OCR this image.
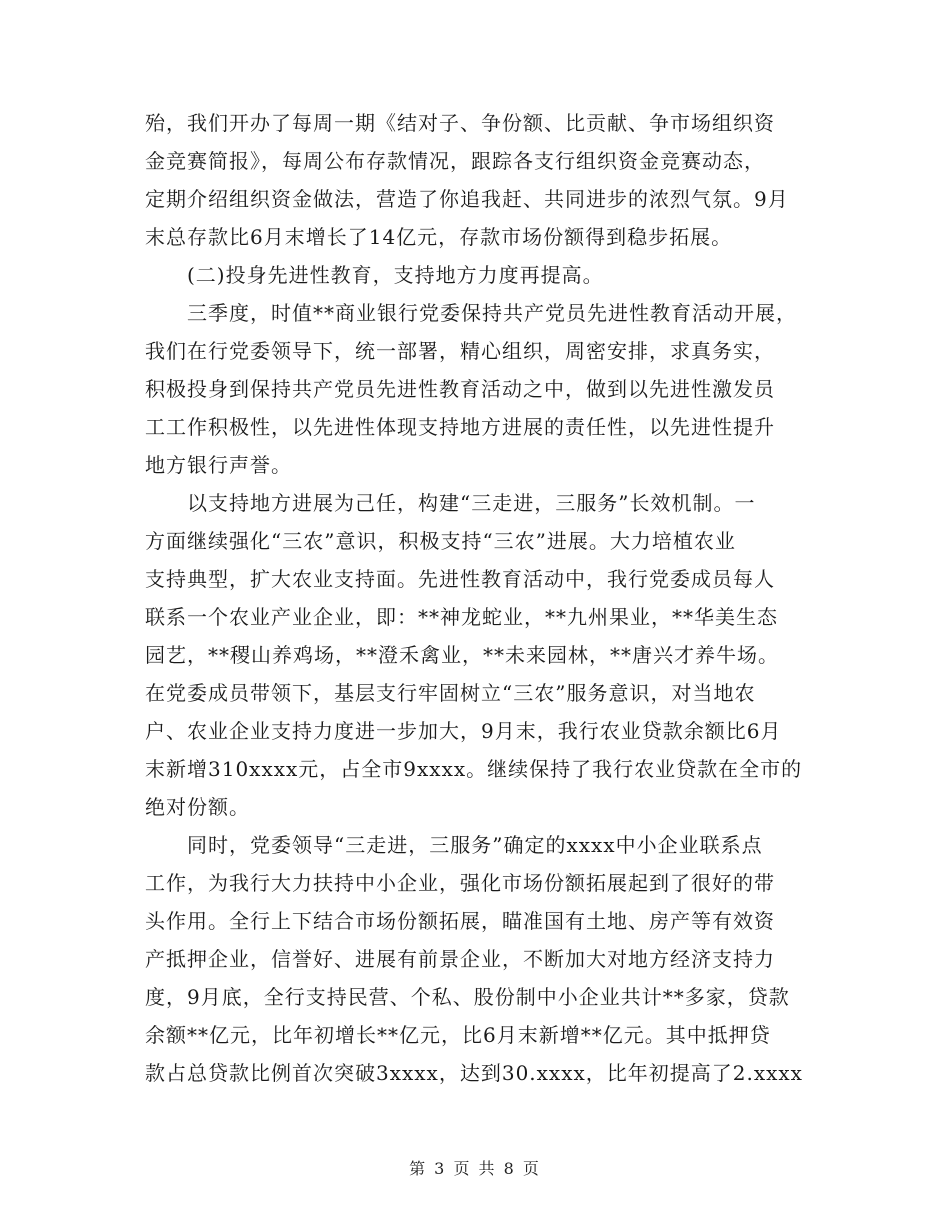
殆，我们开办了每周一期《结对子、争份额、比贡献、争市场组织资
金竞赛简报》，每周公布存款情况，跟踪各支行组织资金竞赛动态，
定期介绍组织资金做法，营造了你追我赶、共同进步的浓烈气氛。9月
末总存款比6月末增长了14亿元，存款市场份额得到稳步拓展。
(二)投身先进性教育，支持地方力度再提高。
三季度，时值**商业银行党委保持共产党员先进性教育活动开展，
我们在行党委领导下，统一部署，精心组织，周密安排，求真务实，
积极投身到保持共产党员先进性教育活动之中，做到以先进性激发员
工工作积极性，以先进性体现支持地方进展的责任性，以先进性提升
地方银行声誉。
以支持地方进展为己任，构建“三走进，三服务”长效机制。一
方面继续强化“三农”意识，积极支持“三农”进展。大力培植农业
支持典型，扩大农业支持面。先进性教育活动中，我行党委成员每人
联系一个农业产业企业，即：**神龙蛇业，**九州果业，**华美生态
园艺，**稷山养鸡场，**澄禾禽业，**未来园林，**唐兴才养牛场。
在党委成员带领下，基层支行牢固树立“三农”服务意识，对当地农
户、农业企业支持力度进一步加大，9月末，我行农业贷款余额比6月
末新增310xxxx元，占全市9xxxx。继续保持了我行农业贷款在全市的
绝对份额。
同时，党委领导“三走进，三服务”确定的xxxx中小企业联系点
工作，为我行大力扶持中小企业，强化市场份额拓展起到了很好的带
头作用。全行上下结合市场份额拓展，瞄准国有土地、房产等有效资
产抵押企业，信誉好、进展有前景企业，不断加大对地方经济支持力
度，9月底，全行支持民营、个私、股份制中小企业共计**多家，贷款
余额**亿元，比年初增长**亿元，比6月末新增**亿元。其中抵押贷
款占总贷款比例首次突破3xxxx，达到30.xxxx，比年初提高了2.xxxx
第 3 页 共 8 页
